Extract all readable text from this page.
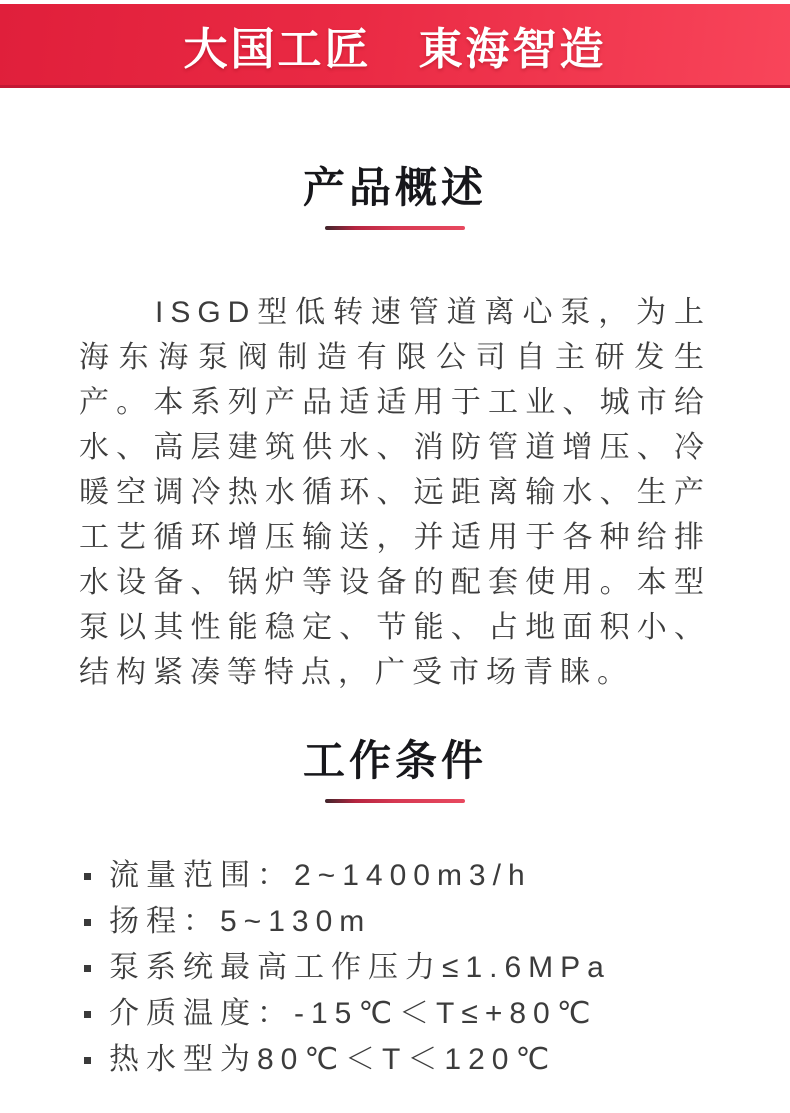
大国工匠　東海智造
产品概述

ISGD型低转速管道离心泵，为上海东海泵阀制造有限公司自主研发生产。本系列产品适适用于工业、城市给水、高层建筑供水、消防管道增压、冷暖空调冷热水循环、远距离输水、生产工艺循环增压输送，并适用于各种给排水设备、锅炉等设备的配套使用。本型泵以其性能稳定、节能、占地面积小、结构紧凑等特点，广受市场青睐。

工作条件
流量范围：2~1400m3/h
扬程：5~130m
泵系统最高工作压力≤1.6MPa
介质温度：-15℃＜T≤+80℃
热水型为80℃＜T＜120℃
